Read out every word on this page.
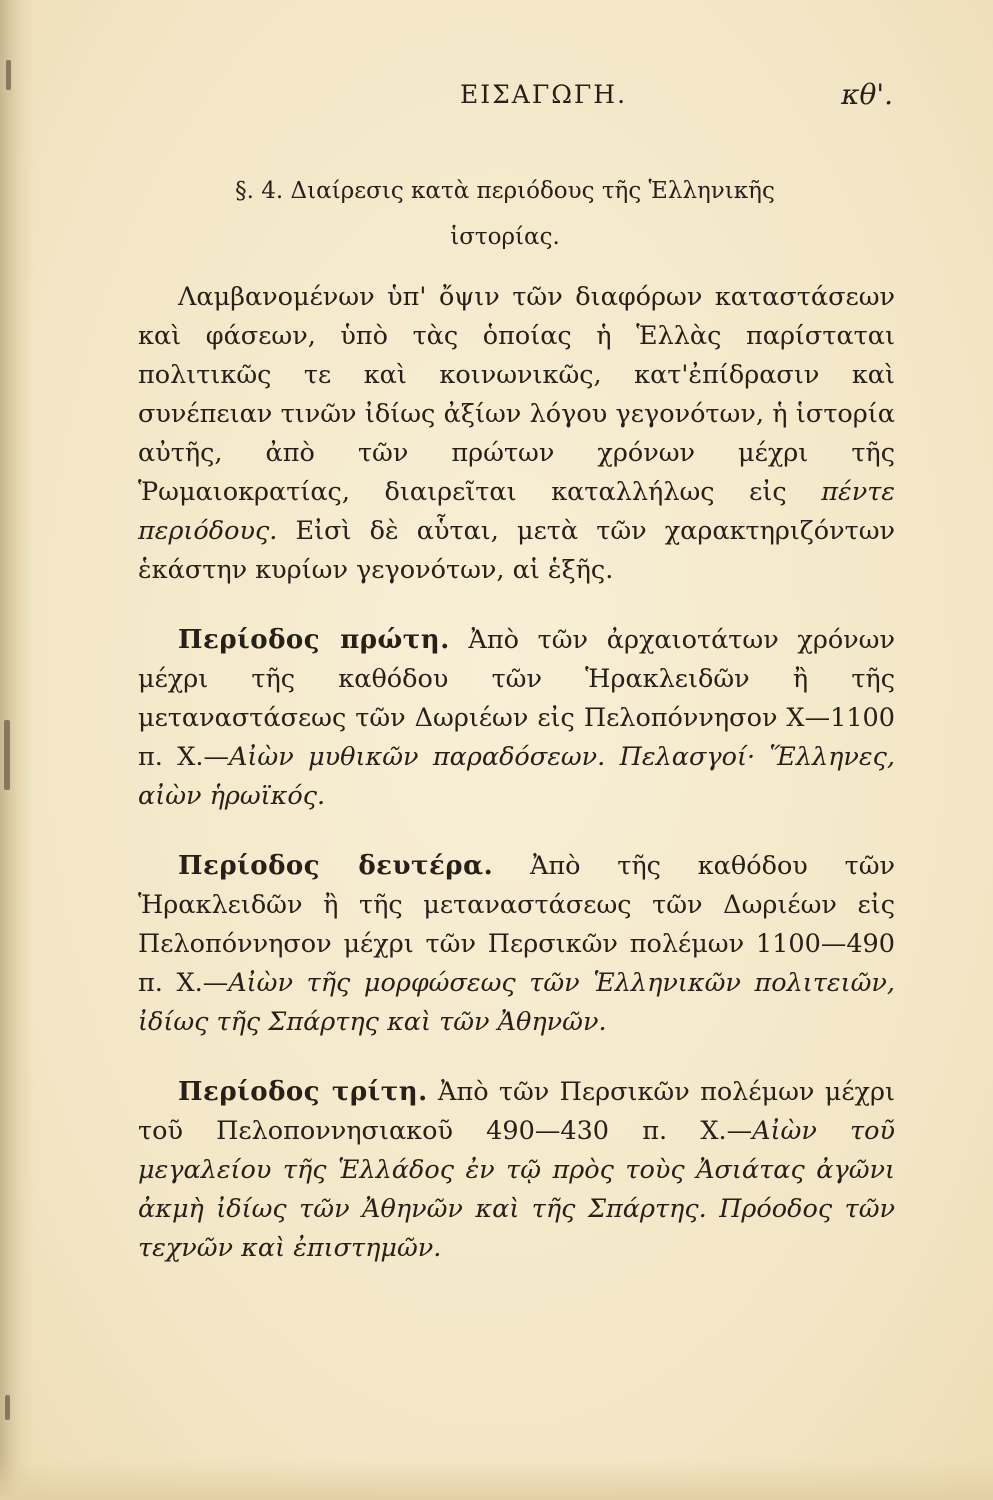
ΕΙΣΑΓΩΓΗ.	κθ'.
§. 4. Διαίρεσις κατὰ περιόδους τῆς Ἑλληνικῆς
ἱστορίας.

Λαμβανομένων ὑπ' ὄψιν τῶν διαφόρων καταστάσεων καὶ φάσεων, ὑπὸ τὰς ὁποίας ἡ Ἑλλὰς παρίσταται πολιτικῶς τε καὶ κοινωνικῶς, κατ'ἐπίδρασιν καὶ συνέπειαν τινῶν ἰδίως ἀξίων λόγου γεγονότων, ἡ ἱστορία αὐτῆς, ἀπὸ τῶν πρώτων χρόνων μέχρι τῆς Ῥωμαιοκρατίας, διαιρεῖται καταλλήλως εἰς πέντε περιόδους. Εἰσὶ δὲ αὗται, μετὰ τῶν χαρακτηριζόντων ἑκάστην κυρίων γεγονότων, αἱ ἑξῆς.

Περίοδος πρώτη. Ἀπὸ τῶν ἀρχαιοτάτων χρόνων μέχρι τῆς καθόδου τῶν Ἡρακλειδῶν ἢ τῆς μεταναστάσεως τῶν Δωριέων εἰς Πελοπόννησον Χ—1100 π. Χ.—Αἰὼν μυθικῶν παραδόσεων. Πελασγοί· Ἕλληνες, αἰὼν ἡρωϊκός.

Περίοδος δευτέρα. Ἀπὸ τῆς καθόδου τῶν Ἡρακλειδῶν ἢ τῆς μεταναστάσεως τῶν Δωριέων εἰς Πελοπόννησον μέχρι τῶν Περσικῶν πολέμων 1100—490 π. Χ.—Αἰὼν τῆς μορφώσεως τῶν Ἑλληνικῶν πολιτειῶν, ἰδίως τῆς Σπάρτης καὶ τῶν Ἀθηνῶν.

Περίοδος τρίτη. Ἀπὸ τῶν Περσικῶν πολέμων μέχρι τοῦ Πελοποννησιακοῦ 490—430 π. Χ.—Αἰὼν τοῦ μεγαλείου τῆς Ἑλλάδος ἐν τῷ πρὸς τοὺς Ἀσιάτας ἀγῶνι ἀκμὴ ἰδίως τῶν Ἀθηνῶν καὶ τῆς Σπάρτης. Πρόοδος τῶν τεχνῶν καὶ ἐπιστημῶν.
